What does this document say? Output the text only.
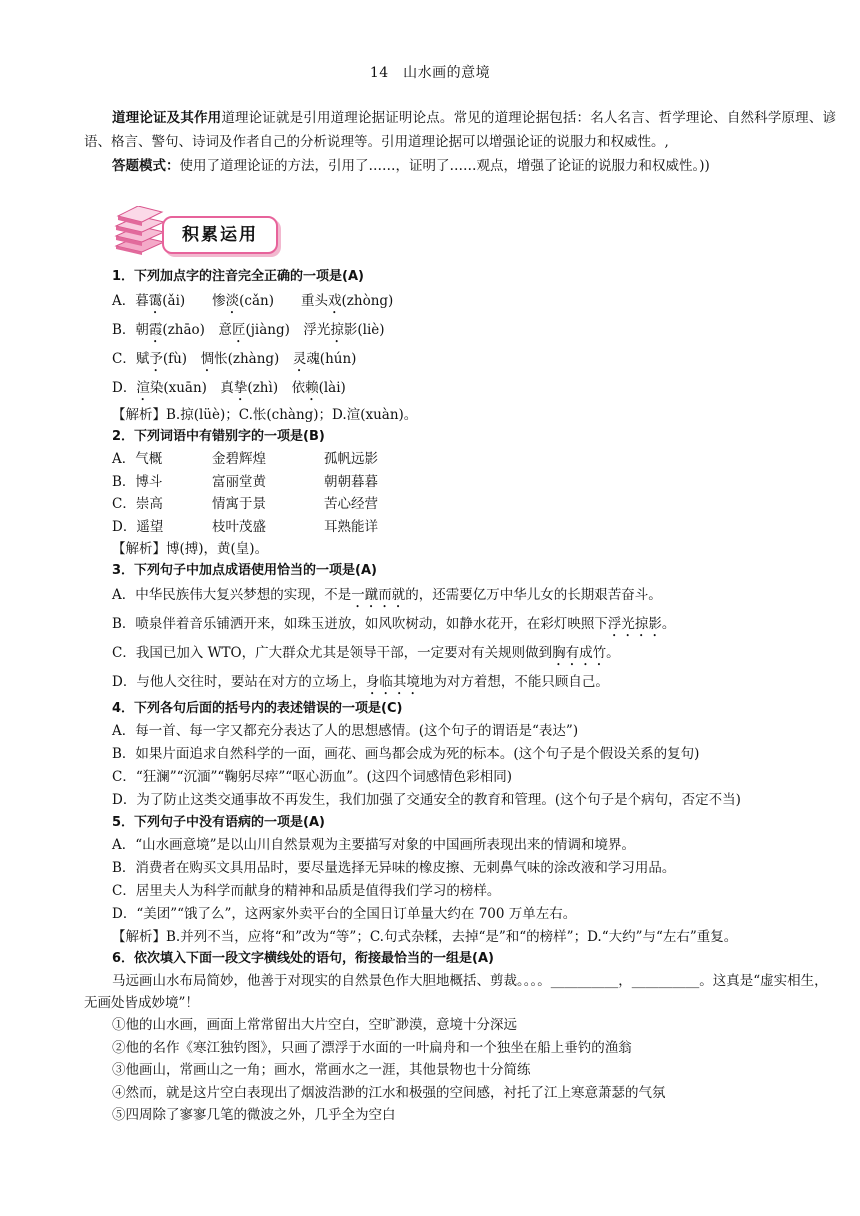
14　山水画的意境

道理论证及其作用道理论证就是引用道理论据证明论点。常见的道理论据包括：名人名言、哲学理论、自然科学原理、谚语、格言、警句、诗词及作者自己的分析说理等。引用道理论据可以增强论证的说服力和权威性。,

答题模式：使用了道理论证的方法，引用了……，证明了……观点，增强了论证的说服力和权威性。))

积累运用

1．下列加点字的注音完全正确的一项是(A)

A．暮霭(ǎi)　　惨淡(cǎn)　　重头戏(zhòng)

B．朝霞(zhāo)　意匠(jiàng)　浮光掠影(liè)

C．赋予(fù)　惆怅(zhàng)　灵魂(hún)

D．渲染(xuān)　真挚(zhì)　依赖(lài)

【解析】B.掠(lüè)；C.怅(chàng)；D.渲(xuàn)。

2．下列词语中有错别字的一项是(B)

A．气概	金碧辉煌	孤帆远影
B．博斗	富丽堂黄	朝朝暮暮
C．崇高	情寓于景	苦心经营
D．遥望	枝叶茂盛	耳熟能详

【解析】博(搏)，黄(皇)。

3．下列句子中加点成语使用恰当的一项是(A)

A．中华民族伟大复兴梦想的实现，不是一蹴而就的，还需要亿万中华儿女的长期艰苦奋斗。

B．喷泉伴着音乐铺洒开来，如珠玉迸放，如风吹树动，如静水花开，在彩灯映照下浮光掠影。

C．我国已加入 WTO，广大群众尤其是领导干部，一定要对有关规则做到胸有成竹。

D．与他人交往时，要站在对方的立场上，身临其境地为对方着想，不能只顾自己。

4．下列各句后面的括号内的表述错误的一项是(C)

A．每一首、每一字又都充分表达了人的思想感情。(这个句子的谓语是“表达”)

B．如果片面追求自然科学的一面，画花、画鸟都会成为死的标本。(这个句子是个假设关系的复句)

C．“狂澜”“沉湎”“鞠躬尽瘁”“呕心沥血”。(这四个词感情色彩相同)

D．为了防止这类交通事故不再发生，我们加强了交通安全的教育和管理。(这个句子是个病句，否定不当)

5．下列句子中没有语病的一项是(A)

A．“山水画意境”是以山川自然景观为主要描写对象的中国画所表现出来的情调和境界。

B．消费者在购买文具用品时，要尽量选择无异味的橡皮擦、无刺鼻气味的涂改液和学习用品。

C．居里夫人为科学而献身的精神和品质是值得我们学习的榜样。

D．“美团”“饿了么”，这两家外卖平台的全国日订单量大约在 700 万单左右。

【解析】B.并列不当，应将“和”改为“等”；C.句式杂糅，去掉“是”和“的榜样”；D.“大约”与“左右”重复。

6．依次填入下面一段文字横线处的语句，衔接最恰当的一组是(A)

马远画山水布局简妙，他善于对现实的自然景色作大胆地概括、剪裁。。。。__________，__________。这真是“虚实相生，无画处皆成妙境”！

①他的山水画，画面上常常留出大片空白，空旷渺漠，意境十分深远

②他的名作《寒江独钓图》，只画了漂浮于水面的一叶扁舟和一个独坐在船上垂钓的渔翁

③他画山，常画山之一角；画水，常画水之一涯，其他景物也十分简练

④然而，就是这片空白表现出了烟波浩渺的江水和极强的空间感，衬托了江上寒意萧瑟的气氛

⑤四周除了寥寥几笔的微波之外，几乎全为空白
